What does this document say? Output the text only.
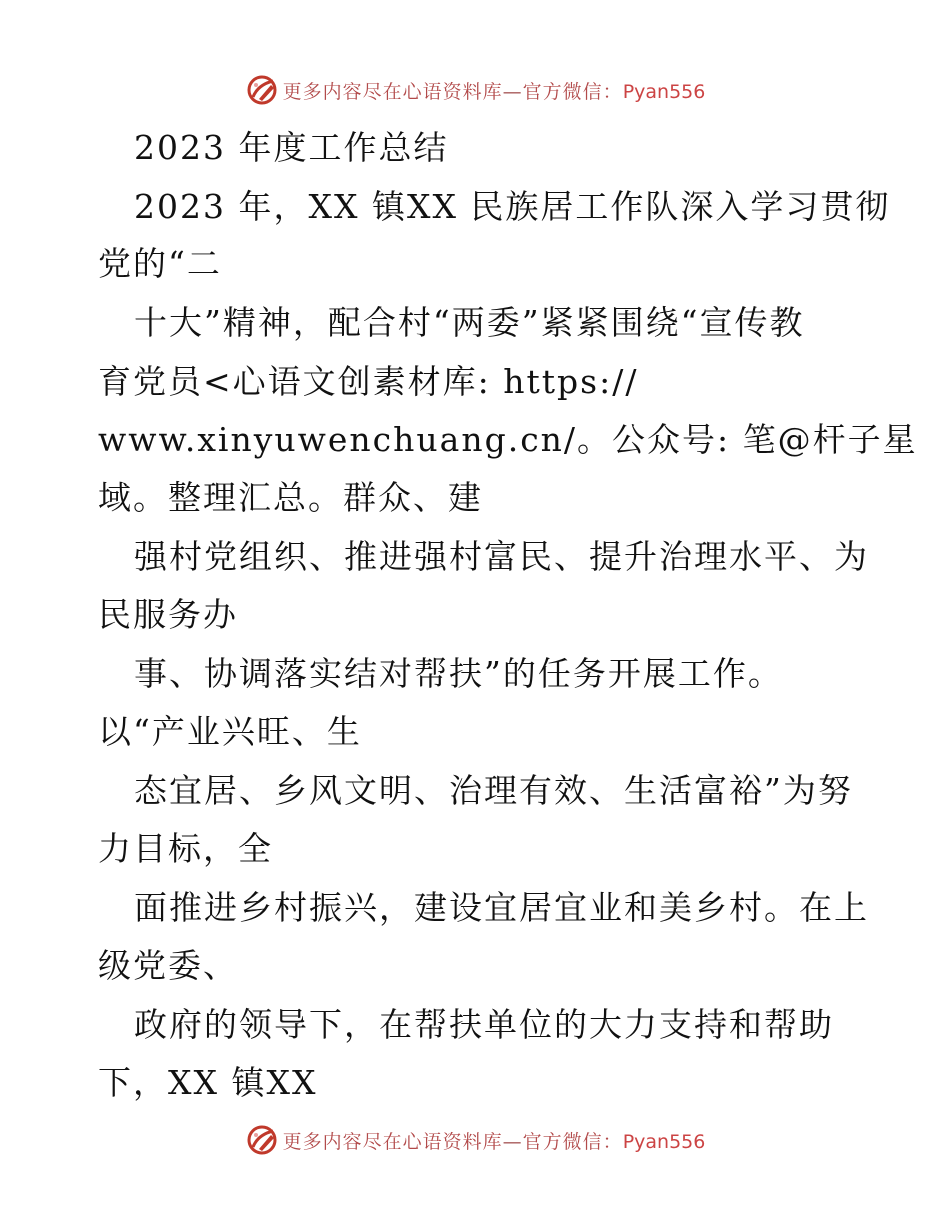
更多内容尽在心语资料库—官方微信：Pyan556
2023 年度工作总结
2023 年，XX 镇XX 民族居工作队深入学习贯彻
党的“二
十大”精神，配合村“两委”紧紧围绕“宣传教
育党员<心语文创素材库: https://
www.xinyuwenchuang.cn/。公众号: 笔@杆子星
域。整理汇总。群众、建
强村党组织、推进强村富民、提升治理水平、为
民服务办
事、协调落实结对帮扶”的任务开展工作。
以“产业兴旺、生
态宜居、乡风文明、治理有效、生活富裕”为努
力目标，全
面推进乡村振兴，建设宜居宜业和美乡村。在上
级党委、
政府的领导下，在帮扶单位的大力支持和帮助
下，XX 镇XX
更多内容尽在心语资料库—官方微信：Pyan556
